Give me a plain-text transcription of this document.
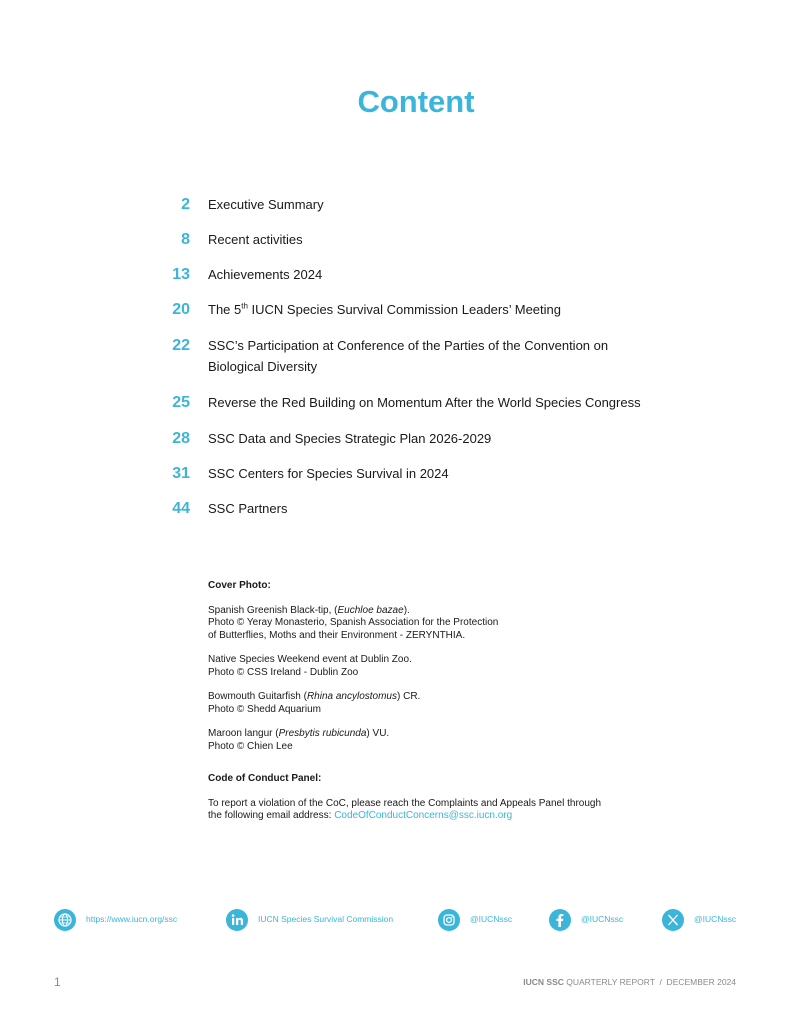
Content
2 Executive Summary
8 Recent activities
13 Achievements 2024
20 The 5th IUCN Species Survival Commission Leaders’ Meeting
22 SSC’s Participation at Conference of the Parties of the Convention on
Biological Diversity
25 Reverse the Red Building on Momentum After the World Species Congress
28 SSC Data and Species Strategic Plan 2026-2029
31 SSC Centers for Species Survival in 2024
44 SSC Partners
Cover Photo:
Spanish Greenish Black-tip, (Euchloe bazae).
Photo © Yeray Monasterio, Spanish Association for the Protection
of Butterflies, Moths and their Environment - ZERYNTHIA.
Native Species Weekend event at Dublin Zoo.
Photo © CSS Ireland - Dublin Zoo
Bowmouth Guitarfish (Rhina ancylostomus) CR.
Photo © Shedd Aquarium
Maroon langur (Presbytis rubicunda) VU.
Photo © Chien Lee
Code of Conduct Panel:
To report a violation of the CoC, please reach the Complaints and Appeals Panel through
the following email address: CodeOfConductConcerns@ssc.iucn.org
https://www.iucn.org/ssc	IUCN Species Survival Commission	@IUCNssc	@IUCNssc	@IUCNssc
1	IUCN SSC QUARTERLY REPORT  /  DECEMBER 2024
